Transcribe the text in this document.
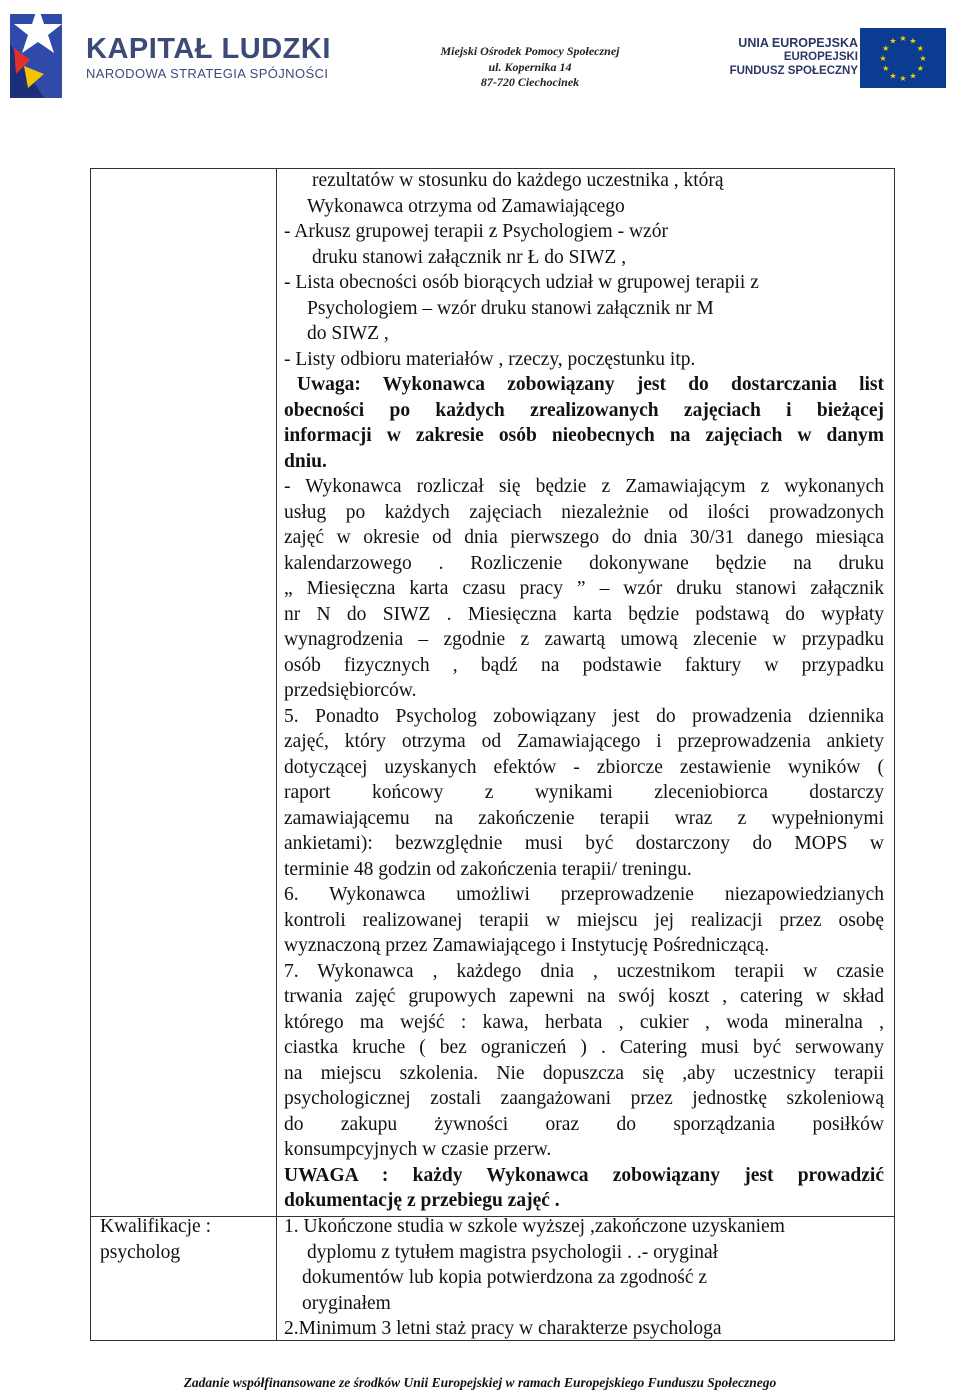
KAPITAŁ LUDZKI
NARODOWA STRATEGIA SPÓJNOŚCI
Miejski Ośrodek Pomocy Społecznej
ul. Kopernika 14
87-720 Ciechocinek
UNIA EUROPEJSKA
EUROPEJSKI
FUNDUSZ SPOŁECZNY
★ ★
★
★
★
★
★
★
★
★
★
★
rezultatów w stosunku do każdego uczestnika , którą
Wykonawca otrzyma od Zamawiającego
- Arkusz grupowej terapii z Psychologiem - wzór
druku stanowi załącznik nr Ł do SIWZ ,
- Lista obecności osób biorących udział w grupowej terapii z
Psychologiem – wzór druku stanowi załącznik nr M
do SIWZ ,
- Listy odbioru materiałów , rzeczy, poczęstunku itp.
Uwaga: Wykonawca zobowiązany jest do dostarczania list
obecności po każdych zrealizowanych zajęciach i bieżącej
informacji w zakresie osób nieobecnych na zajęciach w danym
dniu.
- Wykonawca rozliczał się będzie z Zamawiającym z wykonanych
usług po każdych zajęciach niezależnie od ilości prowadzonych
zajęć w okresie od dnia pierwszego do dnia 30/31 danego miesiąca
kalendarzowego . Rozliczenie dokonywane będzie na druku
„ Miesięczna karta czasu pracy ” – wzór druku stanowi załącznik
nr N do SIWZ . Miesięczna karta będzie podstawą do wypłaty
wynagrodzenia – zgodnie z zawartą umową zlecenie w przypadku
osób fizycznych , bądź na podstawie faktury w przypadku
przedsiębiorców.
5. Ponadto Psycholog zobowiązany jest do prowadzenia dziennika
zajęć, który otrzyma od Zamawiającego i przeprowadzenia ankiety
dotyczącej uzyskanych efektów - zbiorcze zestawienie wyników (
raport końcowy z wynikami zleceniobiorca dostarczy
zamawiającemu na zakończenie terapii wraz z wypełnionymi
ankietami): bezwzględnie musi być dostarczony do MOPS w
terminie 48 godzin od zakończenia terapii/ treningu.
6. Wykonawca umożliwi przeprowadzenie niezapowiedzianych
kontroli realizowanej terapii w miejscu jej realizacji przez osobę
wyznaczoną przez Zamawiającego i Instytucję Pośredniczącą.
7. Wykonawca , każdego dnia , uczestnikom terapii w czasie
trwania zajęć grupowych zapewni na swój koszt , catering w skład
którego ma wejść : kawa, herbata , cukier , woda mineralna ,
ciastka kruche ( bez ograniczeń ) . Catering musi być serwowany
na miejscu szkolenia. Nie dopuszcza się ,aby uczestnicy terapii
psychologicznej zostali zaangażowani przez jednostkę szkoleniową
do zakupu żywności oraz do sporządzania posiłków
konsumpcyjnych w czasie przerw.
UWAGA : każdy Wykonawca zobowiązany jest prowadzić
dokumentację z przebiegu zajęć .
Kwalifikacje :
psycholog
1. Ukończone studia w szkole wyższej ,zakończone uzyskaniem
dyplomu z tytułem magistra psychologii . .- oryginał
dokumentów lub kopia potwierdzona za zgodność z
oryginałem
2.Minimum 3 letni staż pracy w charakterze psychologa
Zadanie współfinansowane ze środków Unii Europejskiej w ramach Europejskiego Funduszu Społecznego
